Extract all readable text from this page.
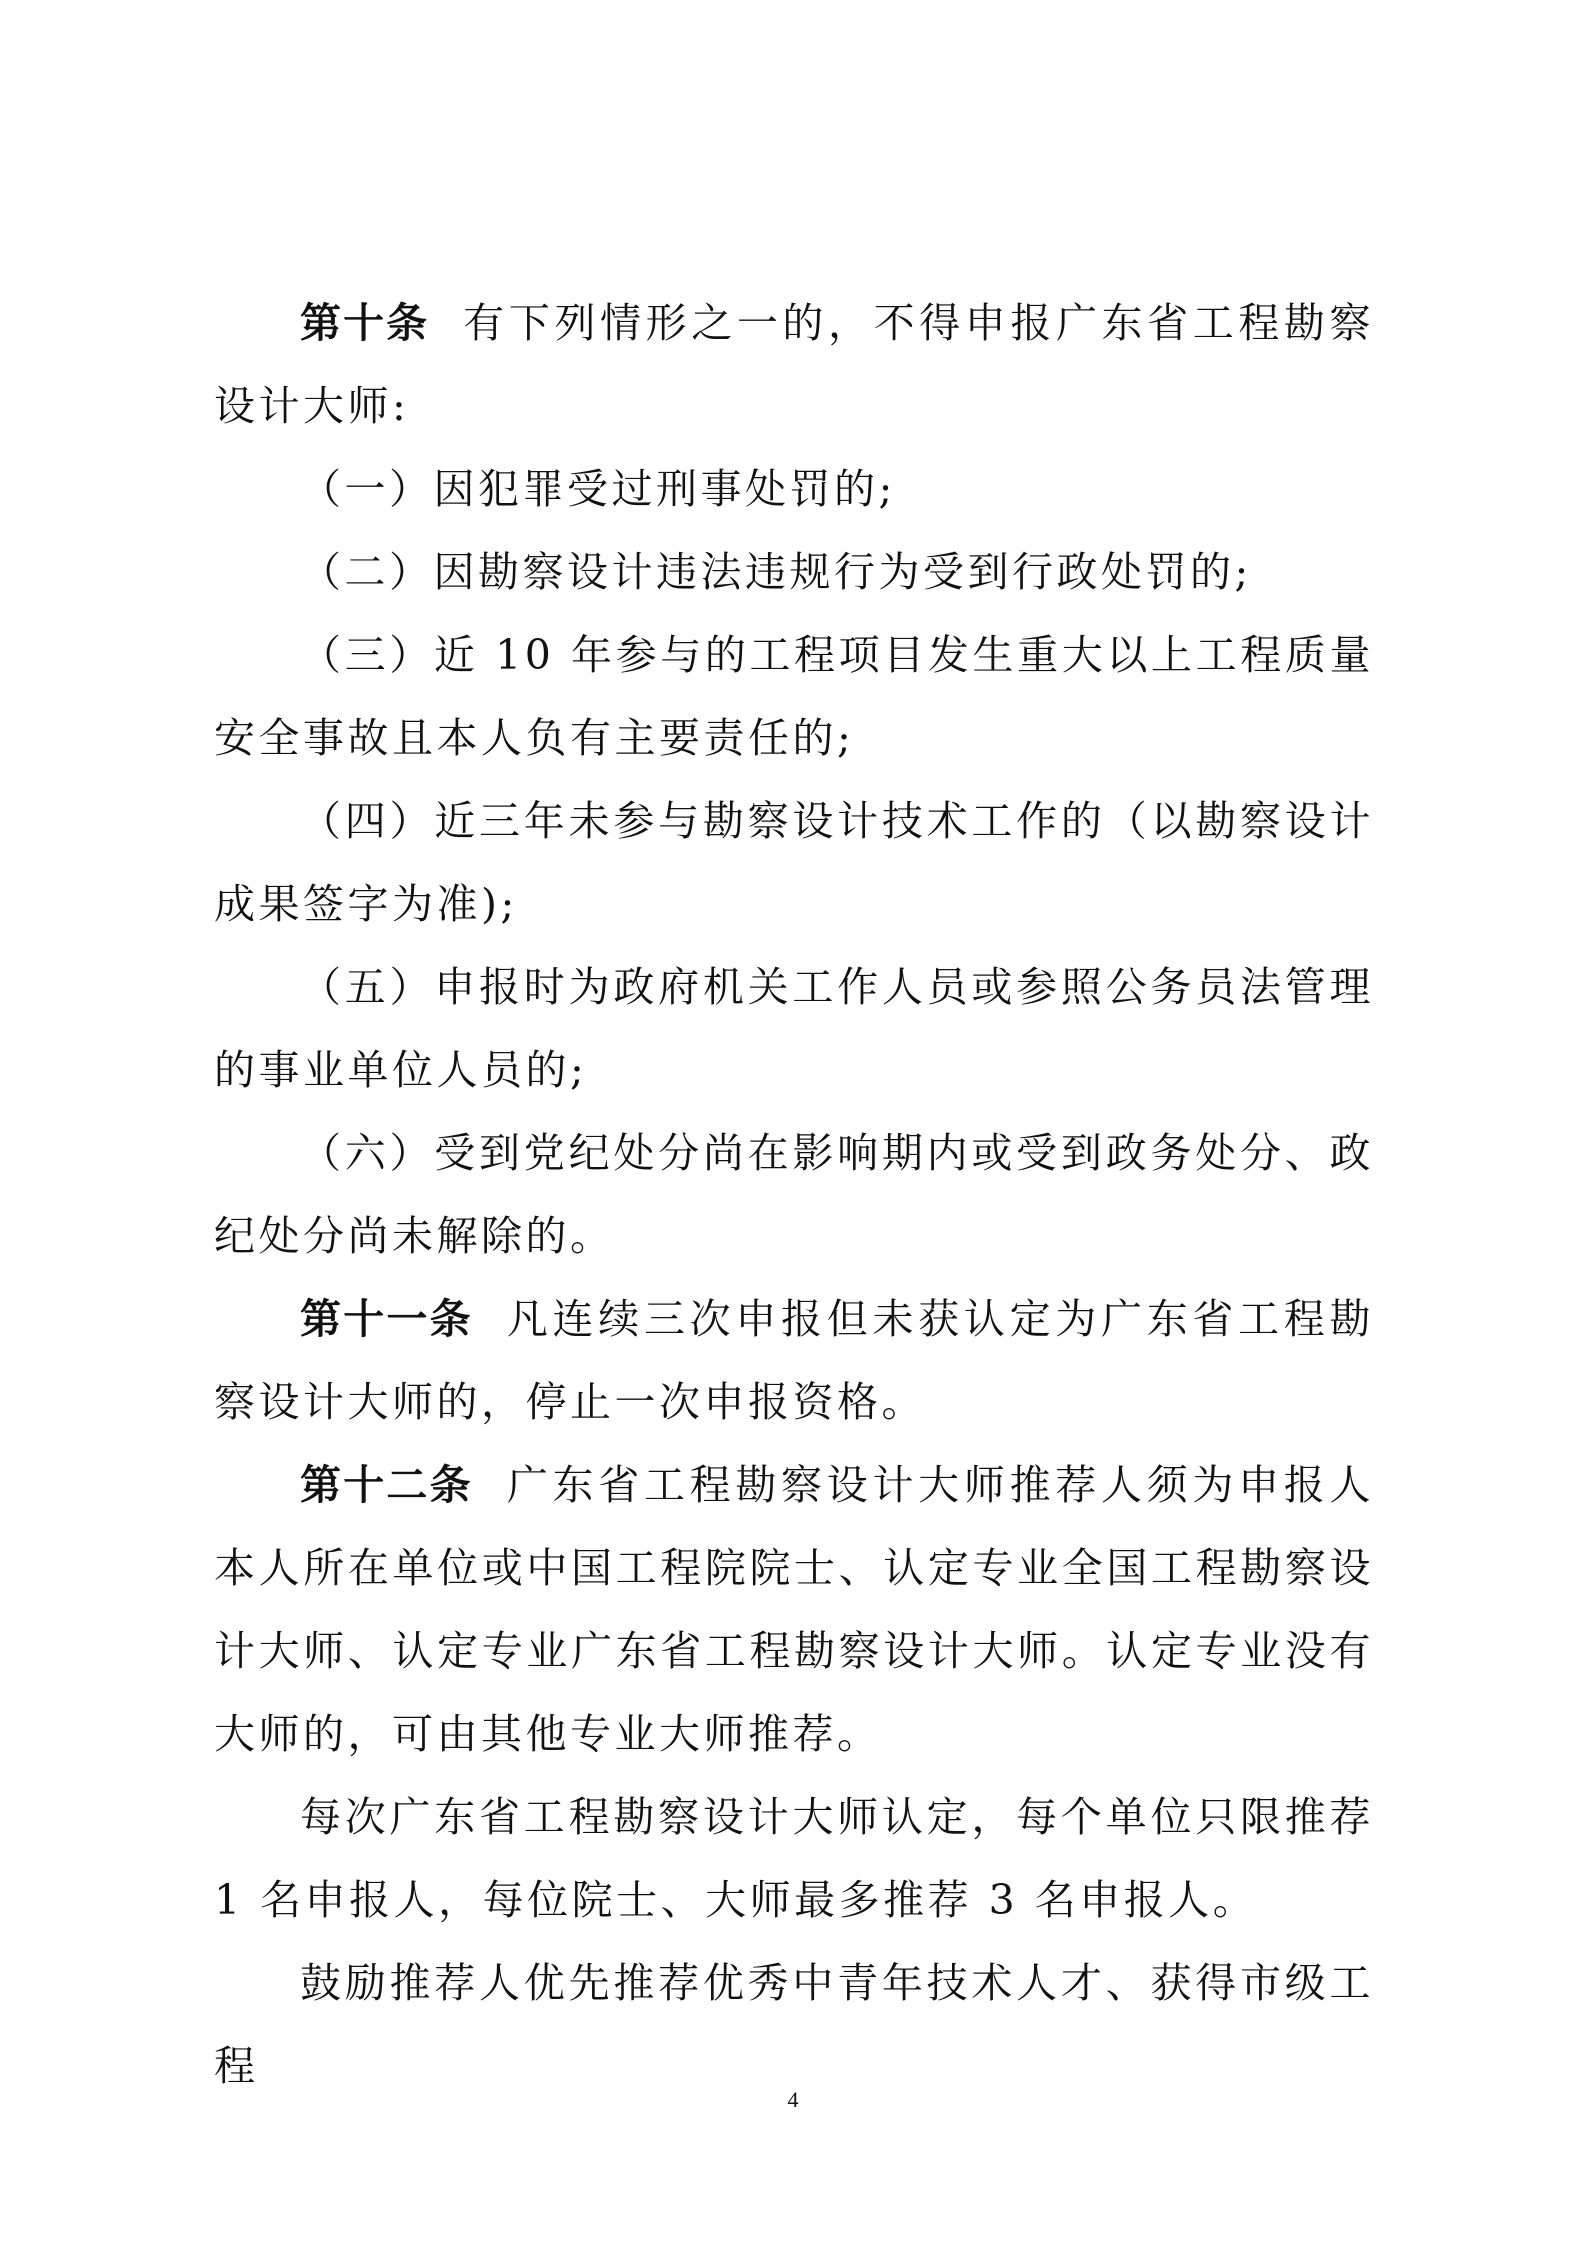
第十条 有下列情形之一的，不得申报广东省工程勘察设计大师:

（一）因犯罪受过刑事处罚的;

（二）因勘察设计违法违规行为受到行政处罚的;

（三）近 10 年参与的工程项目发生重大以上工程质量安全事故且本人负有主要责任的;

（四）近三年未参与勘察设计技术工作的（以勘察设计成果签字为准);

（五）申报时为政府机关工作人员或参照公务员法管理的事业单位人员的;

（六）受到党纪处分尚在影响期内或受到政务处分、政纪处分尚未解除的。

第十一条 凡连续三次申报但未获认定为广东省工程勘察设计大师的，停止一次申报资格。

第十二条 广东省工程勘察设计大师推荐人须为申报人本人所在单位或中国工程院院士、认定专业全国工程勘察设计大师、认定专业广东省工程勘察设计大师。认定专业没有大师的，可由其他专业大师推荐。

每次广东省工程勘察设计大师认定，每个单位只限推荐 1 名申报人，每位院士、大师最多推荐 3 名申报人。

鼓励推荐人优先推荐优秀中青年技术人才、获得市级工程

4
